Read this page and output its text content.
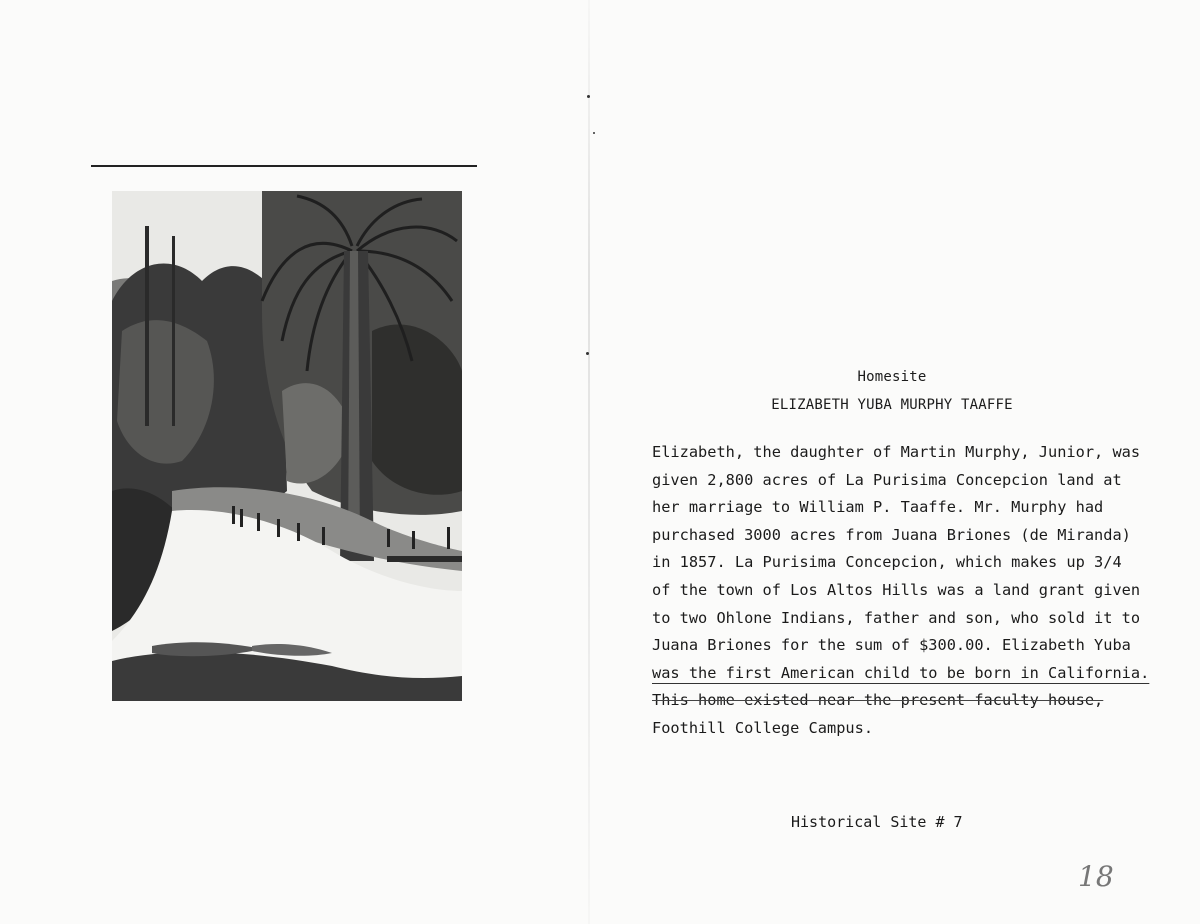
Homesite
ELIZABETH YUBA MURPHY TAAFFE
Elizabeth, the daughter of Martin Murphy, Junior, was
given 2,800 acres of La Purisima Concepcion land at
her marriage to William P. Taaffe. Mr. Murphy had
purchased 3000 acres from Juana Briones (de Miranda)
in 1857. La Purisima Concepcion, which makes up 3/4
of the town of Los Altos Hills was a land grant given
to two Ohlone Indians, father and son, who sold it to
Juana Briones for the sum of $300.00. Elizabeth Yuba
was the first American child to be born in California.
This home existed near the present faculty house,
Foothill College Campus.
Historical Site # 7
18
